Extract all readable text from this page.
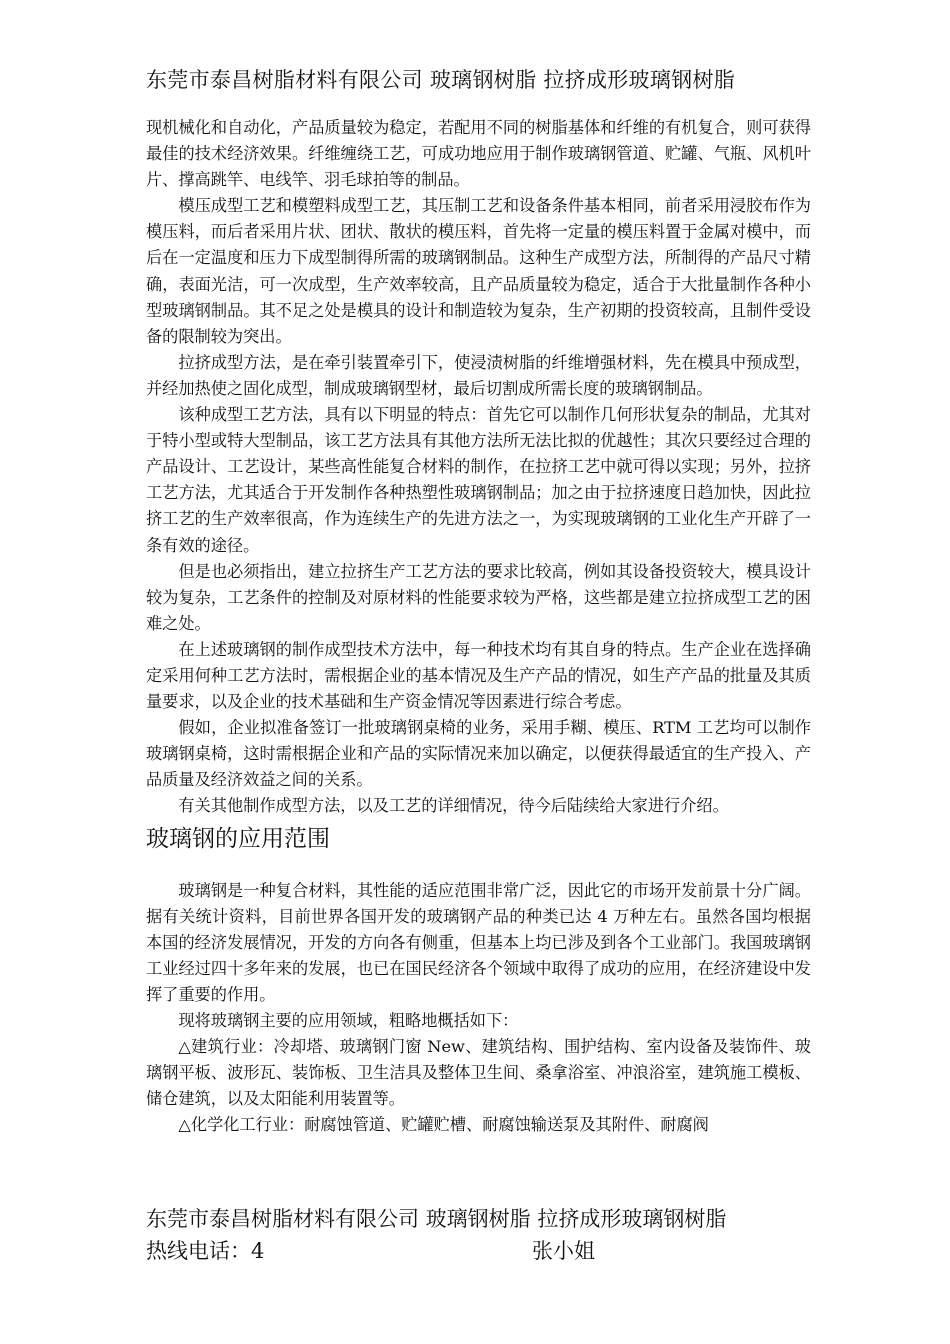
东莞市泰昌树脂材料有限公司 玻璃钢树脂 拉挤成形玻璃钢树脂

现机械化和自动化，产品质量较为稳定，若配用不同的树脂基体和纤维的有机复合，则可获得最佳的技术经济效果。纤维缠绕工艺，可成功地应用于制作玻璃钢管道、贮罐、气瓶、风机叶片、撑高跳竿、电线竿、羽毛球拍等的制品。

模压成型工艺和模塑料成型工艺，其压制工艺和设备条件基本相同，前者采用浸胶布作为模压料，而后者采用片状、团状、散状的模压料，首先将一定量的模压料置于金属对模中，而后在一定温度和压力下成型制得所需的玻璃钢制品。这种生产成型方法，所制得的产品尺寸精确，表面光洁，可一次成型，生产效率较高，且产品质量较为稳定，适合于大批量制作各种小型玻璃钢制品。其不足之处是模具的设计和制造较为复杂，生产初期的投资较高，且制件受设备的限制较为突出。

拉挤成型方法，是在牵引装置牵引下，使浸渍树脂的纤维增强材料，先在模具中预成型，并经加热使之固化成型，制成玻璃钢型材，最后切割成所需长度的玻璃钢制品。

该种成型工艺方法，具有以下明显的特点：首先它可以制作几何形状复杂的制品，尤其对于特小型或特大型制品，该工艺方法具有其他方法所无法比拟的优越性；其次只要经过合理的产品设计、工艺设计，某些高性能复合材料的制作，在拉挤工艺中就可得以实现；另外，拉挤工艺方法，尤其适合于开发制作各种热塑性玻璃钢制品；加之由于拉挤速度日趋加快，因此拉挤工艺的生产效率很高，作为连续生产的先进方法之一，为实现玻璃钢的工业化生产开辟了一条有效的途径。

但是也必须指出，建立拉挤生产工艺方法的要求比较高，例如其设备投资较大，模具设计较为复杂，工艺条件的控制及对原材料的性能要求较为严格，这些都是建立拉挤成型工艺的困难之处。

在上述玻璃钢的制作成型技术方法中，每一种技术均有其自身的特点。生产企业在选择确定采用何种工艺方法时，需根据企业的基本情况及生产产品的情况，如生产产品的批量及其质量要求，以及企业的技术基础和生产资金情况等因素进行综合考虑。

假如，企业拟准备签订一批玻璃钢桌椅的业务，采用手糊、模压、RTM 工艺均可以制作玻璃钢桌椅，这时需根据企业和产品的实际情况来加以确定，以便获得最适宜的生产投入、产品质量及经济效益之间的关系。

有关其他制作成型方法，以及工艺的详细情况，待今后陆续给大家进行介绍。

玻璃钢的应用范围

玻璃钢是一种复合材料，其性能的适应范围非常广泛，因此它的市场开发前景十分广阔。据有关统计资料，目前世界各国开发的玻璃钢产品的种类已达 4 万种左右。虽然各国均根据本国的经济发展情况，开发的方向各有侧重，但基本上均已涉及到各个工业部门。我国玻璃钢工业经过四十多年来的发展，也已在国民经济各个领域中取得了成功的应用，在经济建设中发挥了重要的作用。

现将玻璃钢主要的应用领域，粗略地概括如下：

△建筑行业：冷却塔、玻璃钢门窗 New、建筑结构、围护结构、室内设备及装饰件、玻璃钢平板、波形瓦、装饰板、卫生洁具及整体卫生间、桑拿浴室、冲浪浴室，建筑施工模板、储仓建筑，以及太阳能利用装置等。

△化学化工行业：耐腐蚀管道、贮罐贮槽、耐腐蚀输送泵及其附件、耐腐阀

东莞市泰昌树脂材料有限公司 玻璃钢树脂 拉挤成形玻璃钢树脂
热线电话：4	张小姐
